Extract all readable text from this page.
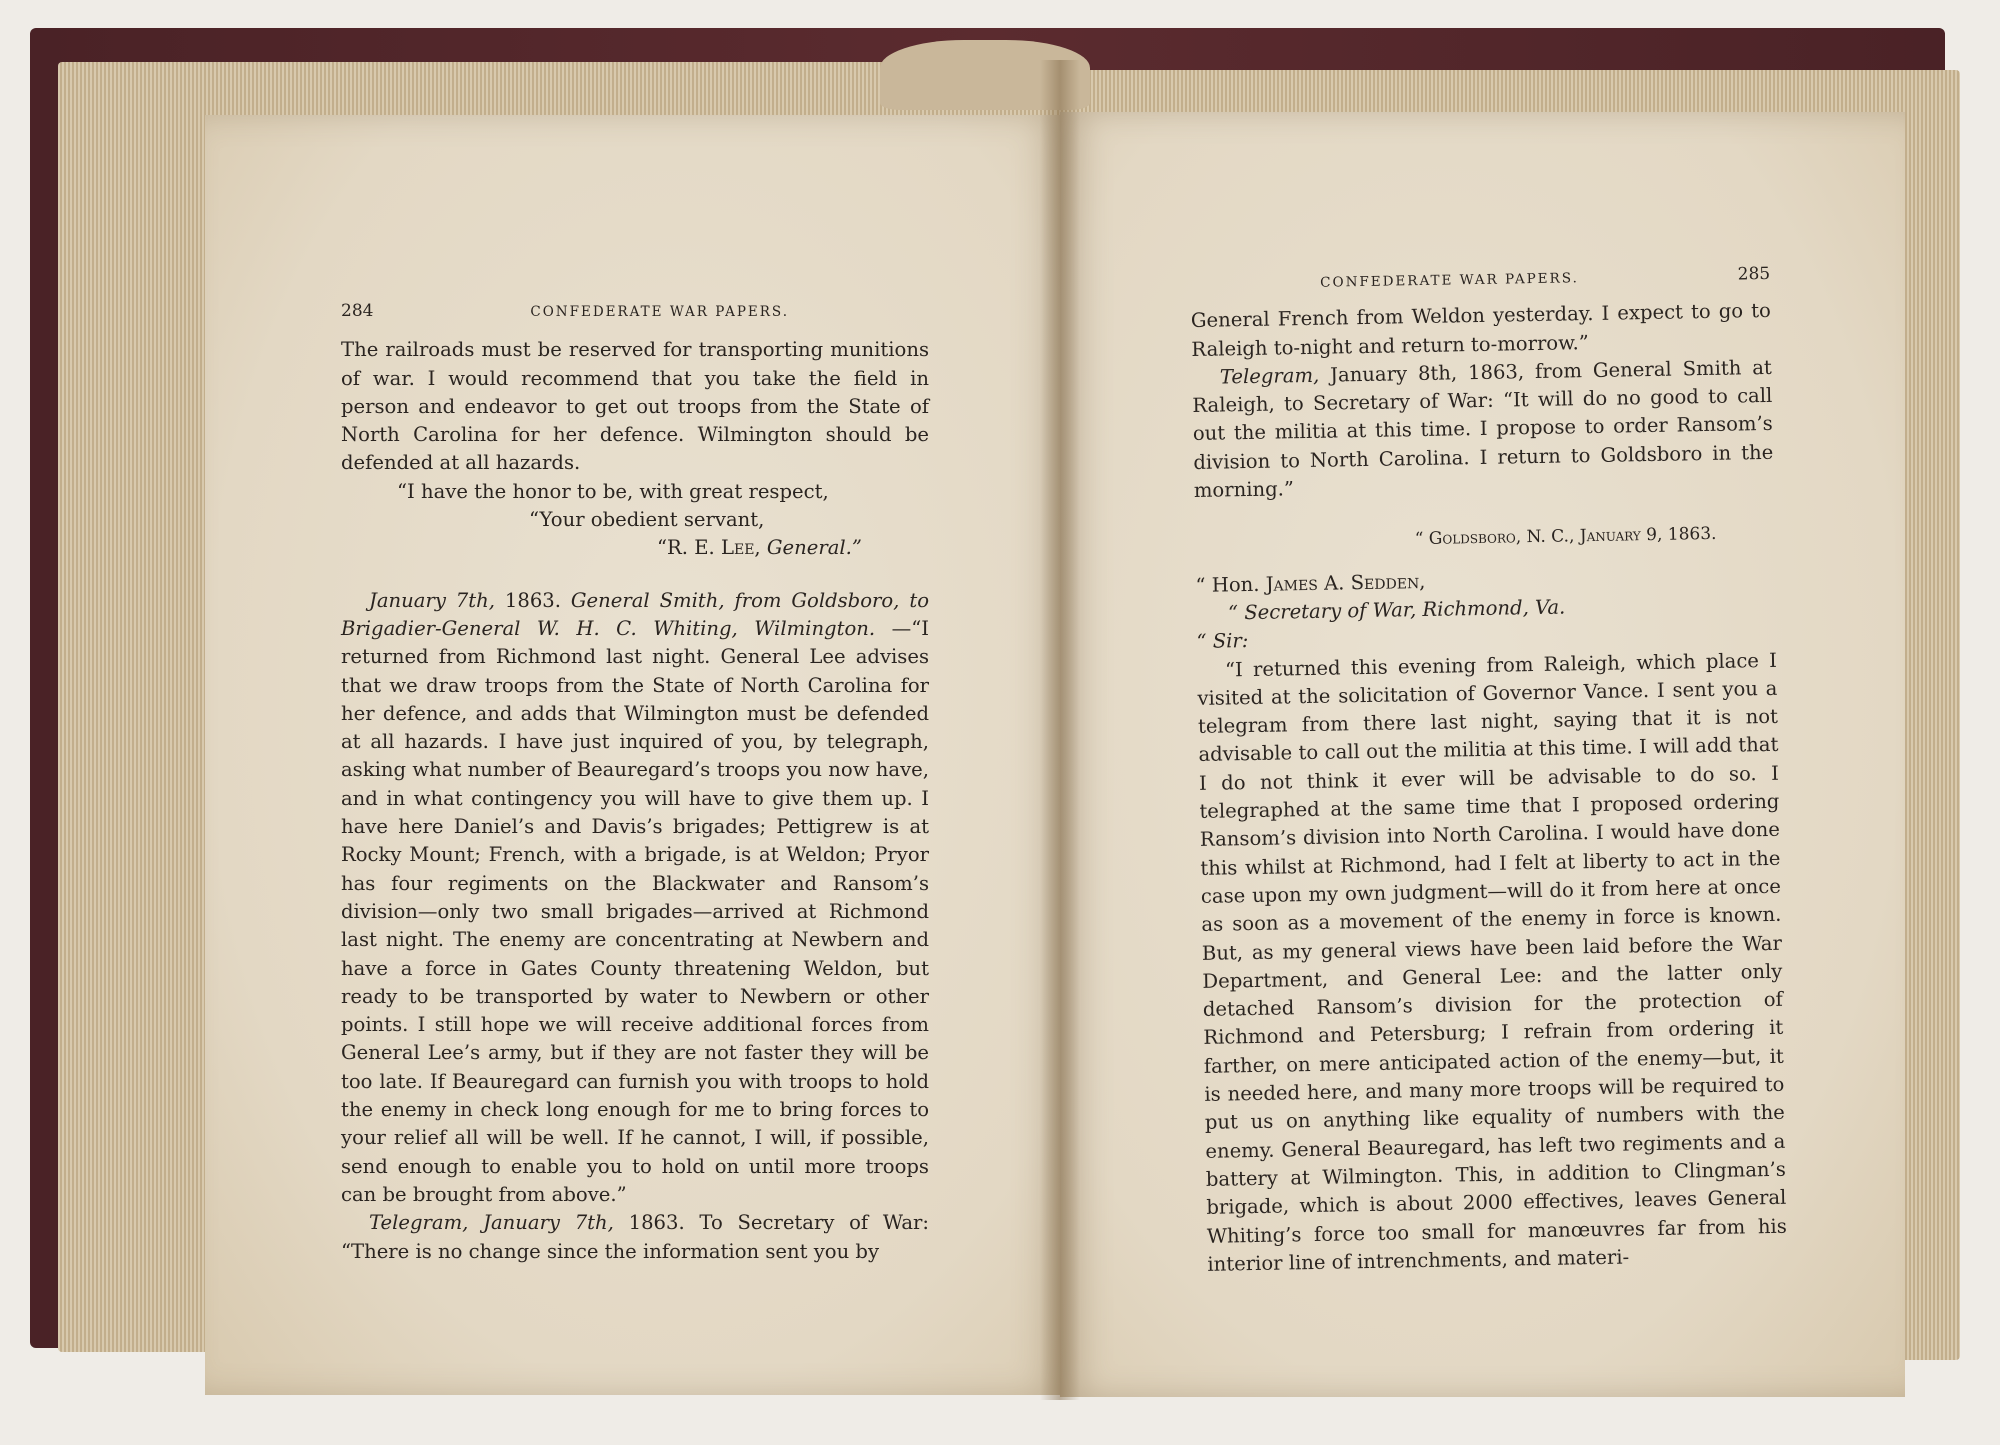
284	CONFEDERATE WAR PAPERS.

The railroads must be reserved for transporting munitions of war. I would recommend that you take the field in person and endeavor to get out troops from the State of North Carolina for her defence. Wilmington should be defended at all hazards.

“I have the honor to be, with great respect,

“Your obedient servant,

“R. E. Lee, General.”

January 7th, 1863. General Smith, from Goldsboro, to Brigadier-General W. H. C. Whiting, Wilmington. —“I returned from Richmond last night. General Lee advises that we draw troops from the State of North Carolina for her defence, and adds that Wilmington must be defended at all hazards. I have just inquired of you, by telegraph, asking what number of Beauregard’s troops you now have, and in what contingency you will have to give them up. I have here Daniel’s and Davis’s brigades; Pettigrew is at Rocky Mount; French, with a brigade, is at Weldon; Pryor has four regiments on the Blackwater and Ransom’s division—only two small brigades—arrived at Richmond last night. The enemy are concentrating at Newbern and have a force in Gates County threatening Weldon, but ready to be transported by water to Newbern or other points. I still hope we will receive additional forces from General Lee’s army, but if they are not faster they will be too late. If Beauregard can furnish you with troops to hold the enemy in check long enough for me to bring forces to your relief all will be well. If he cannot, I will, if possible, send enough to enable you to hold on until more troops can be brought from above.”

Telegram, January 7th, 1863. To Secretary of War: “There is no change since the information sent you by

CONFEDERATE WAR PAPERS.	285

General French from Weldon yesterday. I expect to go to Raleigh to-night and return to-morrow.”

Telegram, January 8th, 1863, from General Smith at Raleigh, to Secretary of War: “It will do no good to call out the militia at this time. I propose to order Ransom’s division to North Carolina. I return to Goldsboro in the morning.”

“ Goldsboro, N. C., January 9, 1863.

“ Hon. James A. Sedden,

“ Secretary of War, Richmond, Va.

“ Sir:

“I returned this evening from Raleigh, which place I visited at the solicitation of Governor Vance. I sent you a telegram from there last night, saying that it is not advisable to call out the militia at this time. I will add that I do not think it ever will be advisable to do so. I telegraphed at the same time that I proposed ordering Ransom’s division into North Carolina. I would have done this whilst at Richmond, had I felt at liberty to act in the case upon my own judgment—will do it from here at once as soon as a movement of the enemy in force is known. But, as my general views have been laid before the War Department, and General Lee: and the latter only detached Ransom’s division for the protection of Richmond and Petersburg; I refrain from ordering it farther, on mere anticipated action of the enemy—but, it is needed here, and many more troops will be required to put us on anything like equality of numbers with the enemy. General Beauregard, has left two regiments and a battery at Wilmington. This, in addition to Clingman’s brigade, which is about 2000 effectives, leaves General Whiting’s force too small for manœuvres far from his interior line of intrenchments, and materi-
